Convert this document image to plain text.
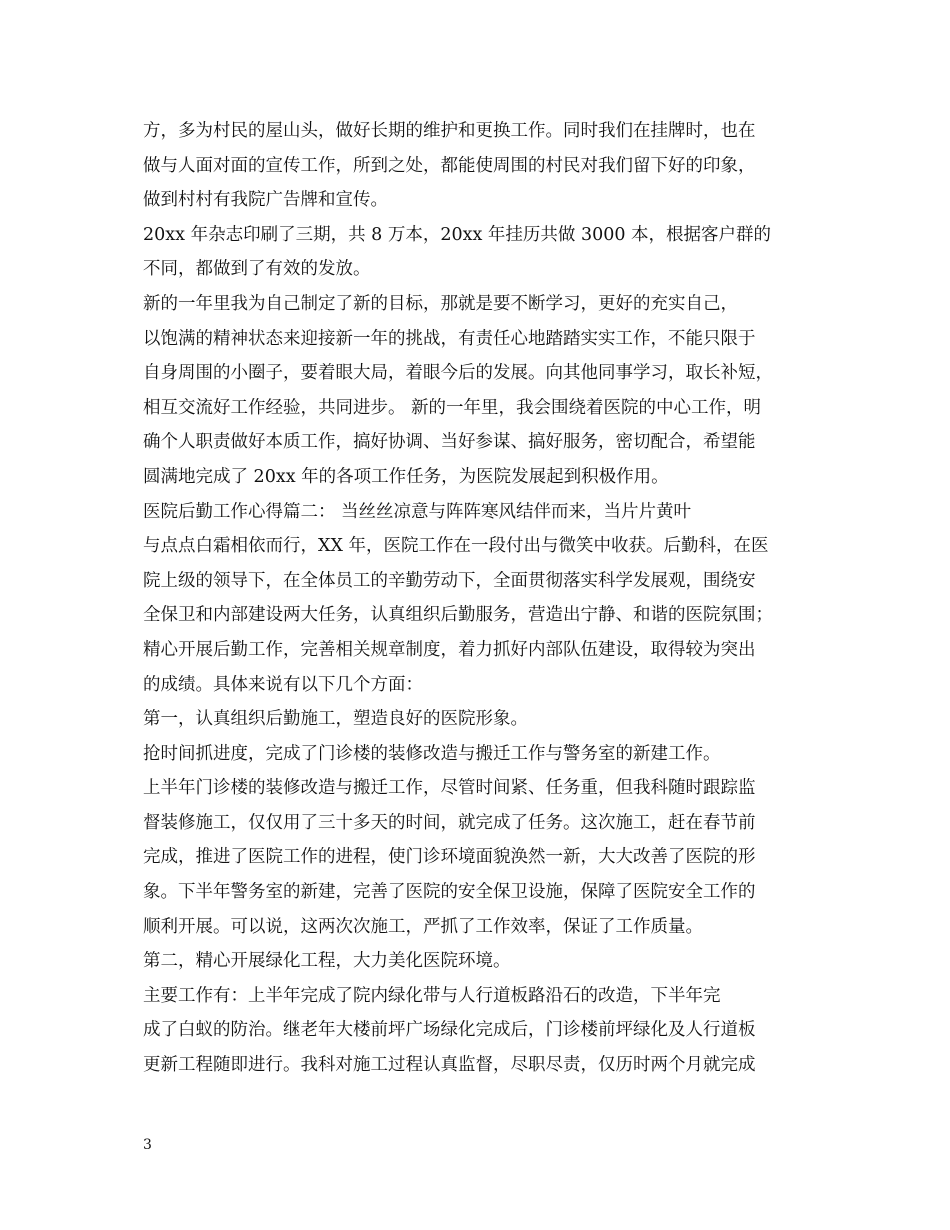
方，多为村民的屋山头，做好长期的维护和更换工作。同时我们在挂牌时，也在
做与人面对面的宣传工作，所到之处，都能使周围的村民对我们留下好的印象，
做到村村有我院广告牌和宣传。
20xx 年杂志印刷了三期，共 8 万本，20xx 年挂历共做 3000 本，根据客户群的
不同，都做到了有效的发放。
新的一年里我为自己制定了新的目标，那就是要不断学习，更好的充实自己，
以饱满的精神状态来迎接新一年的挑战，有责任心地踏踏实实工作，不能只限于
自身周围的小圈子，要着眼大局，着眼今后的发展。向其他同事学习，取长补短，
相互交流好工作经验，共同进步。 新的一年里，我会围绕着医院的中心工作，明
确个人职责做好本质工作，搞好协调、当好参谋、搞好服务，密切配合，希望能
圆满地完成了 20xx 年的各项工作任务，为医院发展起到积极作用。
医院后勤工作心得篇二： 当丝丝凉意与阵阵寒风结伴而来，当片片黄叶
与点点白霜相依而行，XX 年，医院工作在一段付出与微笑中收获。后勤科，在医
院上级的领导下，在全体员工的辛勤劳动下，全面贯彻落实科学发展观，围绕安
全保卫和内部建设两大任务，认真组织后勤服务，营造出宁静、和谐的医院氛围；
精心开展后勤工作，完善相关规章制度，着力抓好内部队伍建设，取得较为突出
的成绩。具体来说有以下几个方面：
第一，认真组织后勤施工，塑造良好的医院形象。
抢时间抓进度，完成了门诊楼的装修改造与搬迁工作与警务室的新建工作。
上半年门诊楼的装修改造与搬迁工作，尽管时间紧、任务重，但我科随时跟踪监
督装修施工，仅仅用了三十多天的时间，就完成了任务。这次施工，赶在春节前
完成，推进了医院工作的进程，使门诊环境面貌涣然一新，大大改善了医院的形
象。下半年警务室的新建，完善了医院的安全保卫设施，保障了医院安全工作的
顺利开展。可以说，这两次次施工，严抓了工作效率，保证了工作质量。
第二，精心开展绿化工程，大力美化医院环境。
主要工作有：上半年完成了院内绿化带与人行道板路沿石的改造，下半年完
成了白蚁的防治。继老年大楼前坪广场绿化完成后，门诊楼前坪绿化及人行道板
更新工程随即进行。我科对施工过程认真监督，尽职尽责，仅历时两个月就完成
3
